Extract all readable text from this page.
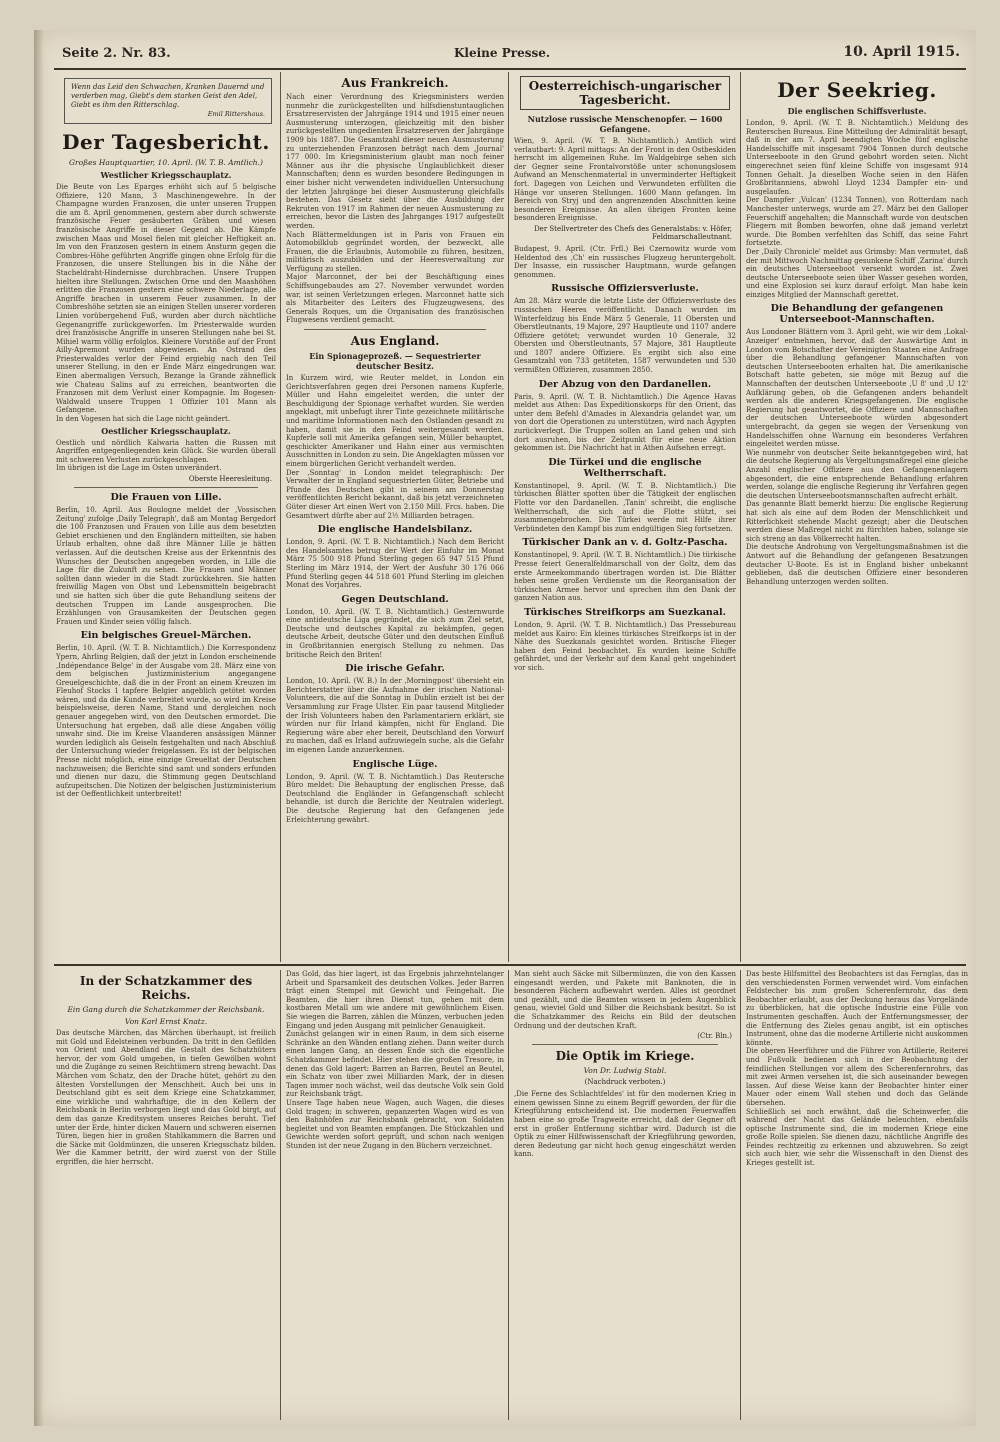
Seite 2. Nr. 83.	Kleine Presse.	10. April 1915.
Wenn das Leid den Schwachen, Kranken Dauernd und verderben mag, Giebt's dem starken Geist den Adel, Giebt es ihm den Ritterschlag.
Emil Rittershaus.
Der Tagesbericht.
Großes Hauptquartier, 10. April. (W. T. B. Amtlich.)
Westlicher Kriegsschauplatz.

Die Beute von Les Eparges erhöht sich auf 5 belgische Offiziere, 120 Mann, 3 Maschinengewehre. In der Champagne wurden Franzosen, die unter unseren Truppen die am 8. April genommenen, gestern aber durch schwerste französische Feuer gesäuberten Gräben und wiesen französische Angriffe in dieser Gegend ab. Die Kämpfe zwischen Maas und Mosel fielen mit gleicher Heftigkeit an. Im von den Franzosen gestern in einem Ansturm gegen die Combres-Höhe geführten Angriffe gingen ohne Erfolg für die Franzosen, die unsere Stellungen bis in die Nähe der Stacheldraht-Hindernisse durchbrachen. Unsere Truppen hielten ihre Stellungen. Zwischen Orne und den Maashöhen erlitten die Franzosen gestern eine schwere Niederlage, alle Angriffe brachen in unserem Feuer zusammen. In der Combreshöhe setzten sie an einigen Stellen unserer vorderen Linien vorübergehend Fuß, wurden aber durch nächtliche Gegenangriffe zurückgeworfen. Im Priesterwalde wurden drei französische Angriffe in unseren Stellungen nahe bei St. Mihiel warm völlig erfolglos. Kleinere Vorstöße auf der Front Ailly-Apremont wurden abgewiesen. An Ostrand des Priesterwaldes verlor der Feind ergiebig nach den Teil unserer Stellung, in den er Ende März eingedrungen war. Einen abermaligen Versuch, Bezange la Grande zähneflick wie Chateau Salins auf zu erreichen, beantworten die Franzosen mit dem Verlust einer Kompagnie. Im Bogesen-Waldwald unsere Truppen 1 Offizier 101 Mann als Gefangene.

In den Vogesen hat sich die Lage nicht geändert.

Oestlicher Kriegsschauplatz.

Oestlich und nördlich Kalwaria hatten die Russen mit Angriffen entgegenliegenden kein Glück. Sie wurden überall mit schweren Verlusten zurückgeschlagen.

Im übrigen ist die Lage im Osten unverändert.

Oberste Heeresleitung.
Die Frauen von Lille.

Berlin, 10. April. Aus Boulogne meldet der ‚Vossischen Zeitung' zufolge ‚Daily Telegraph', daß am Montag Bergedorf die 100 Franzosen und Frauen von Lille aus dem besetzten Gebiet erschienen und den Engländern mitteilten, sie haben Urlaub erhalten, ohne daß ihre Männer Lille je hätten verlassen. Auf die deutschen Kreise aus der Erkenntnis des Wunsches der Deutschen angegeben worden, in Lille die Lage für die Zukunft zu sehen. Die Frauen und Männer sollten dann wieder in die Stadt zurückkehren. Sie hatten freiwillig Magen von Obst und Lebensmitteln beigebracht und sie hatten sich über die gute Behandlung seitens der deutschen Truppen im Lande ausgesprochen. Die Erzählungen von Grausamkeiten der Deutschen gegen Frauen und Kinder seien völlig falsch.

Ein belgisches Greuel-Märchen.

Berlin, 10. April. (W. T. B. Nichtamtlich.) Die Korrespondenz Ypern, Ahrling Belgien, daß der jetzt in London erscheinende ‚Indépendance Belge' in der Ausgabe vom 28. März eine von dem belgischen Justizministerium angegangene Greuelgeschichte, daß die in der Front an einem Kreuzen im Fleuhof Stocks 1 tapfere Belgier angeblich getötet worden wären, und da die Kunde verbreitet wurde, so wird im Kreise beispielsweise, deren Name, Stand und dergleichen noch genauer angegeben wird, von den Deutschen ermordet. Die Untersuchung hat ergeben, daß alle diese Angaben völlig unwahr sind. Die im Kreise Vlaanderen ansässigen Männer wurden lediglich als Geiseln festgehalten und nach Abschluß der Untersuchung wieder freigelassen. Es ist der belgischen Presse nicht möglich, eine einzige Greueltat der Deutschen nachzuweisen; die Berichte sind samt und sonders erfunden und dienen nur dazu, die Stimmung gegen Deutschland aufzupeitschen. Die Notizen der belgischen Justizministerium ist der Oeffentlichkeit unterbreitet!

Aus Frankreich.

Nach einer Verordnung des Kriegsministers werden nunmehr die zurückgestellten und hilfsdienstuntauglichen Ersatzreservisten der Jahrgänge 1914 und 1915 einer neuen Ausmusterung unterzogen, gleichzeitig mit den bisher zurückgestellten ungedienten Ersatzreserven der Jahrgänge 1909 bis 1887. Die Gesamtzahl dieser neuen Ausmusterung zu unterziehenden Franzosen beträgt nach dem ‚Journal' 177 000. Im Kriegsministerium glaubt man noch feiner Männer aus ihr die physische Unglaublichkeit dieser Mannschaften; denn es wurden besondere Bedingungen in einer bisher nicht verwendeten individuellen Untersuchung der letzten Jahrgänge bei dieser Ausmusterung gleichfalls bestehen. Das Gesetz sieht über die Ausbildung der Rekruten von 1917 im Rahmen der neuen Ausmusterung zu erreichen, bevor die Listen des Jahrganges 1917 aufgestellt werden.

Nach Blättermeldungen ist in Paris von Frauen ein Automobilklub gegründet worden, der bezweckt, alle Frauen, die die Erlaubnis, Automobile zu führen, besitzen, militärisch auszubilden und der Heeresverwaltung zur Verfügung zu stellen.

Major Marconnet, der bei der Beschäftigung eines Schiffsungebaudes am 27. November verwundet worden war, ist seinen Verletzungen erlegen. Marconnet hatte sich als Mitarbeiter des Leiters des Flugzeugwesens, des Generals Roques, um die Organisation des französischen Flugwesens verdient gemacht.

Aus England.
Ein Spionageprozeß. — Sequestrierter deutscher Besitz.

In Kurzem wird, wie Reuter meldet, in London ein Gerichtsverfahren gegen drei Personen namens Kupferle, Müller und Hahn eingeleitet werden, die unter der Beschuldigung der Spionage verhaftet wurden. Sie werden angeklagt, mit unbefugt ihrer Tinte gezeichnete militärische und maritime Informationen nach den Ostlanden gesandt zu haben, damit sie in den Feind weitergesandt werden. Kupferle soll mit Amerika gefangen sein, Müller behauptet, geschickter Amerikaner und Hahn einer aus vermischten Ausschnitten in London zu sein. Die Angeklagten müssen vor einem bürgerlichen Gericht verhandelt werden.

Der ‚Sonntag' in London meldet telegraphisch: Der Verwalter der in England sequestrierten Güter, Betriebe und Pfunde des Deutschen gibt in seinem am Donnerstag veröffentlichten Bericht bekannt, daß bis jetzt verzeichneten Güter dieser Art einen Wert von 2.150 Mill. Frcs. haben. Die Gesamtwert dürfte aber auf 2½ Milliarden betragen.

Die englische Handelsbilanz.

London, 9. April. (W. T. B. Nichtamtlich.) Nach dem Bericht des Handelsamtes betrug der Wert der Einfuhr im Monat März 75 500 918 Pfund Sterling gegen 65 947 515 Pfund Sterling im März 1914, der Wert der Ausfuhr 30 176 066 Pfund Sterling gegen 44 518 601 Pfund Sterling im gleichen Monat des Vorjahres.

Gegen Deutschland.

London, 10. April. (W. T. B. Nichtamtlich.) Gesternwurde eine antideutsche Liga gegründet, die sich zum Ziel setzt, Deutsche und deutsches Kapital zu bekämpfen, gegen deutsche Arbeit, deutsche Güter und den deutschen Einfluß in Großbritannien energisch Stellung zu nehmen. Das britische Reich den Briten!

Die irische Gefahr.

London, 10. April. (W. B.) In der ‚Morningpost' übersieht ein Berichterstatter über die Aufnahme der irischen National-Volunteers, die auf die Sonntag in Dublin erzielt ist bei der Versammlung zur Frage Ulster. Ein paar tausend Mitglieder der Irish Volunteers haben den Parlamentariern erklärt, sie würden nur für Irland kämpfen, nicht für England. Die Regierung wäre aber eher bereit, Deutschland den Vorwurf zu machen, daß es Irland aufzuwiegeln suche, als die Gefahr im eigenen Lande anzuerkennen.

Englische Lüge.

London, 9. April. (W. T. B. Nichtamtlich.) Das Reutersche Büro meldet: Die Behauptung der englischen Presse, daß Deutschland die Engländer in Gefangenschaft schlecht behandle, ist durch die Berichte der Neutralen widerlegt. Die deutsche Regierung hat den Gefangenen jede Erleichterung gewährt.

Oesterreichisch-ungarischer Tagesbericht.
Nutzlose russische Menschenopfer. — 1600 Gefangene.

Wien, 9. April. (W. T. B. Nichtamtlich.) Amtlich wird verlautbart: 9. April mittags: An der Front in den Ostbeskiden herrscht im allgemeinen Ruhe. Im Waldgebirge sehen sich der Gegner seine Frontalvorstöße unter schonungslosem Aufwand an Menschenmaterial in unverminderter Heftigkeit fort. Dagegen von Leichen und Verwundeten erfüllten die Hänge vor unseren Stellungen. 1600 Mann gefangen. Im Bereich von Stryj und den angrenzenden Abschnitten keine besonderen Ereignisse. An allen übrigen Fronten keine besonderen Ereignisse.

Der Stellvertreter des Chefs des Generalstabs: v. Höfer, Feldmarschalleutnant.

Budapest, 9. April. (Ctr. Frfl.) Bei Czernowitz wurde vom Heldentod des ‚Ch' ein russisches Flugzeug heruntergeholt. Der Insasse, ein russischer Hauptmann, wurde gefangen genommen.

Russische Offiziersverluste.

Am 28. März wurde die letzte Liste der Offiziersverluste des russischen Heeres veröffentlicht. Danach wurden im Winterfeldzug bis Ende März 5 Generale, 11 Obersten und Oberstleutnants, 19 Majore, 297 Hauptleute und 1107 andere Offiziere getötet; verwundet wurden 10 Generale, 32 Obersten und Oberstleutnants, 57 Majore, 381 Hauptleute und 1807 andere Offiziere. Es ergibt sich also eine Gesamtzahl von 733 getöteten, 1587 verwundeten und 530 vermißten Offizieren, zusammen 2850.

Der Abzug von den Dardanellen.

Paris, 9. April. (W. T. B. Nichtamtlich.) Die Agence Havas meldet aus Athen: Das Expeditionskorps für den Orient, das unter dem Befehl d'Amades in Alexandria gelandet war, um von dort die Operationen zu unterstützen, wird nach Ägypten zurückverlegt. Die Truppen sollen an Land gehen und sich dort ausruhen, bis der Zeitpunkt für eine neue Aktion gekommen ist. Die Nachricht hat in Athen Aufsehen erregt.

Die Türkei und die englische Weltherrschaft.

Konstantinopel, 9. April. (W. T. B. Nichtamtlich.) Die türkischen Blätter spotten über die Tätigkeit der englischen Flotte vor den Dardanellen. ‚Tanin' schreibt, die englische Weltherrschaft, die sich auf die Flotte stützt, sei zusammengebrochen. Die Türkei werde mit Hilfe ihrer Verbündeten den Kampf bis zum endgültigen Sieg fortsetzen.

Türkischer Dank an v. d. Goltz-Pascha.

Konstantinopel, 9. April. (W. T. B. Nichtamtlich.) Die türkische Presse feiert Generalfeldmarschall von der Goltz, dem das erste Armeekommando übertragen worden ist. Die Blätter heben seine großen Verdienste um die Reorganisation der türkischen Armee hervor und sprechen ihm den Dank der ganzen Nation aus.

Türkisches Streifkorps am Suezkanal.

London, 9. April. (W. T. B. Nichtamtlich.) Das Pressebureau meldet aus Kairo: Ein kleines türkisches Streifkorps ist in der Nähe des Suezkanals gesichtet worden. Britische Flieger haben den Feind beobachtet. Es wurden keine Schiffe gefährdet, und der Verkehr auf dem Kanal geht ungehindert vor sich.

Der Seekrieg.
Die englischen Schiffsverluste.

London, 9. April. (W. T. B. Nichtamtlich.) Meldung des Reuterschen Bureaus. Eine Mitteilung der Admiralität besagt, daß in der am 7. April beendigten Woche fünf englische Handelsschiffe mit insgesamt 7904 Tonnen durch deutsche Unterseeboote in den Grund gebohrt worden seien. Nicht eingerechnet seien fünf kleine Schiffe von insgesamt 914 Tonnen Gehalt. Ja dieselben Woche seien in den Häfen Großbritanniens, abwohl Lloyd 1234 Dampfer ein- und ausgelaufen.

Der Dampfer ‚Vulcan' (1234 Tonnen), von Rotterdam nach Manchester unterwegs, wurde am 27. März bei den Galloper Feuerschiff angehalten; die Mannschaft wurde von deutschen Fliegern mit Bomben beworfen, ohne daß jemand verletzt wurde. Die Bomben verfehlten das Schiff, das seine Fahrt fortsetzte.

Der ‚Daily Chronicle' meldet aus Grimsby: Man vermutet, daß der mit Mittwoch Nachmittag gesunkene Schiff ‚Zarina' durch ein deutsches Unterseeboot versenkt worden ist. Zwei deutsche Unterseeboote seien über Wasser gesehen worden, und eine Explosion sei kurz darauf erfolgt. Man habe kein einziges Mitglied der Mannschaft gerettet.

Die Behandlung der gefangenen Unterseeboot-Mannschaften.

Aus Londoner Blättern vom 3. April geht, wie wir dem ‚Lokal-Anzeiger' entnehmen, hervor, daß der Auswärtige Amt in London vom Botschafter der Vereinigten Staaten eine Anfrage über die Behandlung gefangener Mannschaften von deutschen Unterseebooten erhalten hat. Die amerikanische Botschaft hatte gebeten, sie möge mit Bezug auf die Mannschaften der deutschen Unterseeboote ‚U 8' und ‚U 12' Aufklärung geben, ob die Gefangenen anders behandelt werden als die anderen Kriegsgefangenen. Die englische Regierung hat geantwortet, die Offiziere und Mannschaften der deutschen Unterseeboote würden abgesondert untergebracht, da gegen sie wegen der Versenkung von Handelsschiffen ohne Warnung ein besonderes Verfahren eingeleitet werden müsse.

Wie nunmehr von deutscher Seite bekanntgegeben wird, hat die deutsche Regierung als Vergeltungsmaßregel eine gleiche Anzahl englischer Offiziere aus den Gefangenenlagern abgesondert, die eine entsprechende Behandlung erfahren werden, solange die englische Regierung ihr Verfahren gegen die deutschen Unterseebootsmannschaften aufrecht erhält.

Das genannte Blatt bemerkt hierzu: Die englische Regierung hat sich als eine auf dem Boden der Menschlichkeit und Ritterlichkeit stehende Macht gezeigt; aber die Deutschen werden diese Maßregel nicht zu fürchten haben, solange sie sich streng an das Völkerrecht halten.

Die deutsche Androhung von Vergeltungsmaßnahmen ist die Antwort auf die Behandlung der gefangenen Besatzungen deutscher U-Boote. Es ist in England bisher unbekannt geblieben, daß die deutschen Offiziere einer besonderen Behandlung unterzogen werden sollten.

In der Schatzkammer des Reichs.
Ein Gang durch die Schatzkammer der Reichsbank.
Von Karl Ernst Knatz.

Das deutsche Märchen, das Märchen überhaupt, ist freilich mit Gold und Edelsteinen verbunden. Da tritt in den Gefilden von Orient und Abendland die Gestalt des Schatzhüters hervor, der vom Gold umgeben, in tiefen Gewölben wohnt und die Zugänge zu seinen Reichtümern streng bewacht. Das Märchen vom Schatz, den der Drache hütet, gehört zu den ältesten Vorstellungen der Menschheit. Auch bei uns in Deutschland gibt es seit dem Kriege eine Schatzkammer, eine wirkliche und wahrhaftige, die in den Kellern der Reichsbank in Berlin verborgen liegt und das Gold birgt, auf dem das ganze Kreditsystem unseres Reiches beruht. Tief unter der Erde, hinter dicken Mauern und schweren eisernen Türen, liegen hier in großen Stahlkammern die Barren und die Säcke mit Goldmünzen, die unseren Kriegsschatz bilden. Wer die Kammer betritt, der wird zuerst von der Stille ergriffen, die hier herrscht.

Das Gold, das hier lagert, ist das Ergebnis jahrzehntelanger Arbeit und Sparsamkeit des deutschen Volkes. Jeder Barren trägt einen Stempel mit Gewicht und Feingehalt. Die Beamten, die hier ihren Dienst tun, gehen mit dem kostbaren Metall um wie andere mit gewöhnlichem Eisen. Sie wiegen die Barren, zählen die Münzen, verbuchen jeden Eingang und jeden Ausgang mit peinlicher Genauigkeit.

Zunächst gelangen wir in einen Raum, in dem sich eiserne Schränke an den Wänden entlang ziehen. Dann weiter durch einen langen Gang, an dessen Ende sich die eigentliche Schatzkammer befindet. Hier stehen die großen Tresore, in denen das Gold lagert: Barren an Barren, Beutel an Beutel, ein Schatz von über zwei Milliarden Mark, der in diesen Tagen immer noch wächst, weil das deutsche Volk sein Gold zur Reichsbank trägt.

Unsere Tage haben neue Wagen, auch Wagen, die dieses Gold tragen; in schweren, gepanzerten Wagen wird es von den Bahnhöfen zur Reichsbank gebracht, von Soldaten begleitet und von Beamten empfangen. Die Stückzahlen und Gewichte werden sofort geprüft, und schon nach wenigen Stunden ist der neue Zugang in den Büchern verzeichnet.

Man sieht auch Säcke mit Silbermünzen, die von den Kassen eingesandt werden, und Pakete mit Banknoten, die in besonderen Fächern aufbewahrt werden. Alles ist geordnet und gezählt, und die Beamten wissen in jedem Augenblick genau, wieviel Gold und Silber die Reichsbank besitzt. So ist die Schatzkammer des Reichs ein Bild der deutschen Ordnung und der deutschen Kraft.

(Ctr. Bln.)
Die Optik im Kriege.
Von Dr. Ludwig Stabl.
(Nachdruck verboten.)

‚Die Ferne des Schlachtfeldes' ist für den modernen Krieg in einem gewissen Sinne zu einem Begriff geworden, der für die Kriegführung entscheidend ist. Die modernen Feuerwaffen haben eine so große Tragweite erreicht, daß der Gegner oft erst in großer Entfernung sichtbar wird. Dadurch ist die Optik zu einer Hilfswissenschaft der Kriegführung geworden, deren Bedeutung gar nicht hoch genug eingeschätzt werden kann.

Das beste Hilfsmittel des Beobachters ist das Fernglas, das in den verschiedensten Formen verwendet wird. Vom einfachen Feldstecher bis zum großen Scherenfernrohr, das dem Beobachter erlaubt, aus der Deckung heraus das Vorgelände zu überblicken, hat die optische Industrie eine Fülle von Instrumenten geschaffen. Auch der Entfernungsmesser, der die Entfernung des Zieles genau angibt, ist ein optisches Instrument, ohne das die moderne Artillerie nicht auskommen könnte.

Die oberen Heerführer und die Führer von Artillerie, Reiterei und Fußvolk bedienen sich in der Beobachtung der feindlichen Stellungen vor allem des Scherenfernrohrs, das mit zwei Armen versehen ist, die sich auseinander bewegen lassen. Auf diese Weise kann der Beobachter hinter einer Mauer oder einem Wall stehen und doch das Gelände übersehen.

Schließlich sei noch erwähnt, daß die Scheinwerfer, die während der Nacht das Gelände beleuchten, ebenfalls optische Instrumente sind, die im modernen Kriege eine große Rolle spielen. Sie dienen dazu, nächtliche Angriffe des Feindes rechtzeitig zu erkennen und abzuwehren. So zeigt sich auch hier, wie sehr die Wissenschaft in den Dienst des Krieges gestellt ist.
